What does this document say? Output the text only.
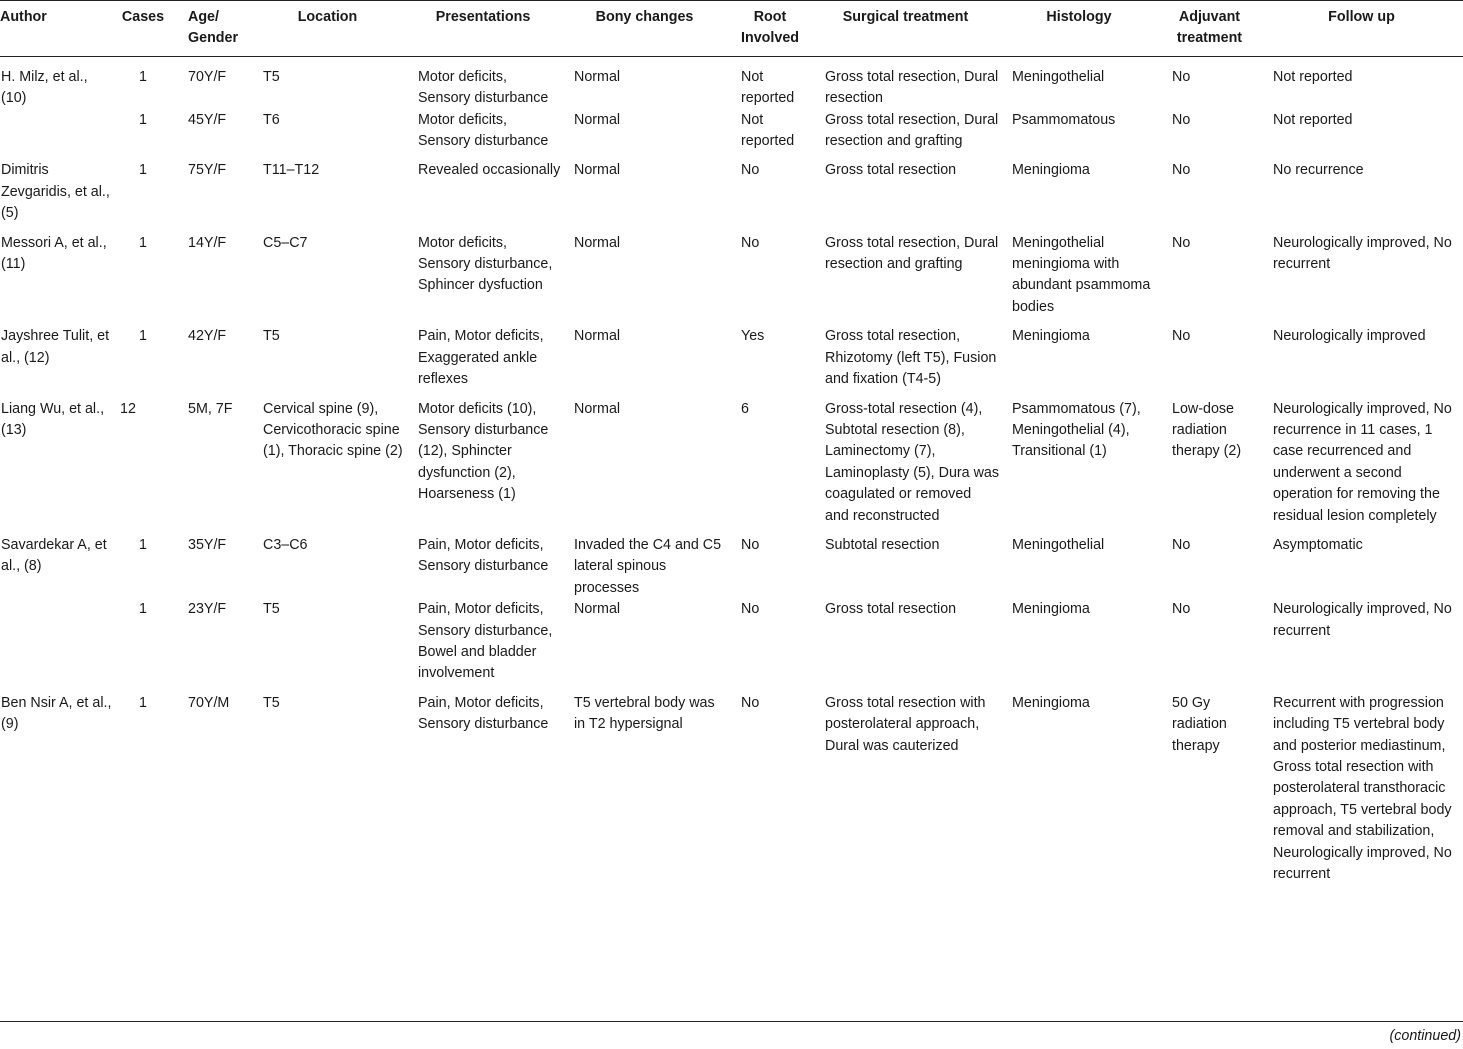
Author	Cases	Age/ Gender	Location	Presentations	Bony changes	Root Involved	Surgical treatment	Histology	Adjuvant treatment	Follow up
H. Milz, et al., (10)	1	70Y/F	T5	Motor deficits, Sensory disturbance	Normal	Not reported	Gross total resection, Dural resection	Meningothelial	No	Not reported
	1	45Y/F	T6	Motor deficits, Sensory disturbance	Normal	Not reported	Gross total resection, Dural resection and grafting	Psammomatous	No	Not reported
Dimitris Zevgaridis, et al., (5)	1	75Y/F	T11–T12	Revealed occasionally	Normal	No	Gross total resection	Meningioma	No	No recurrence
Messori A, et al., (11)	1	14Y/F	C5–C7	Motor deficits, Sensory disturbance, Sphincer dysfuction	Normal	No	Gross total resection, Dural resection and grafting	Meningothelial meningioma with abundant psammoma bodies	No	Neurologically improved, No recurrent
Jayshree Tulit, et al., (12)	1	42Y/F	T5	Pain, Motor deficits, Exaggerated ankle reflexes	Normal	Yes	Gross total resection, Rhizotomy (left T5), Fusion and fixation (T4-5)	Meningioma	No	Neurologically improved
Liang Wu, et al., (13)	12	5M, 7F	Cervical spine (9), Cervicothoracic spine (1), Thoracic spine (2)	Motor deficits (10), Sensory disturbance (12), Sphincter dysfunction (2), Hoarseness (1)	Normal	6	Gross-total resection (4), Subtotal resection (8), Laminectomy (7), Laminoplasty (5), Dura was coagulated or removed and reconstructed	Psammomatous (7), Meningothelial (4), Transitional (1)	Low-dose radiation therapy (2)	Neurologically improved, No recurrence in 11 cases, 1 case recurrenced and underwent a second operation for removing the residual lesion completely
Savardekar A, et al., (8)	1	35Y/F	C3–C6	Pain, Motor deficits, Sensory disturbance	Invaded the C4 and C5 lateral spinous processes	No	Subtotal resection	Meningothelial	No	Asymptomatic
	1	23Y/F	T5	Pain, Motor deficits, Sensory disturbance, Bowel and bladder involvement	Normal	No	Gross total resection	Meningioma	No	Neurologically improved, No recurrent
Ben Nsir A, et al., (9)	1	70Y/M	T5	Pain, Motor deficits, Sensory disturbance	T5 vertebral body was in T2 hypersignal	No	Gross total resection with posterolateral approach, Dural was cauterized	Meningioma	50 Gy radiation therapy	Recurrent with progression including T5 vertebral body and posterior mediastinum, Gross total resection with posterolateral transthoracic approach, T5 vertebral body removal and stabilization, Neurologically improved, No recurrent
(continued)
